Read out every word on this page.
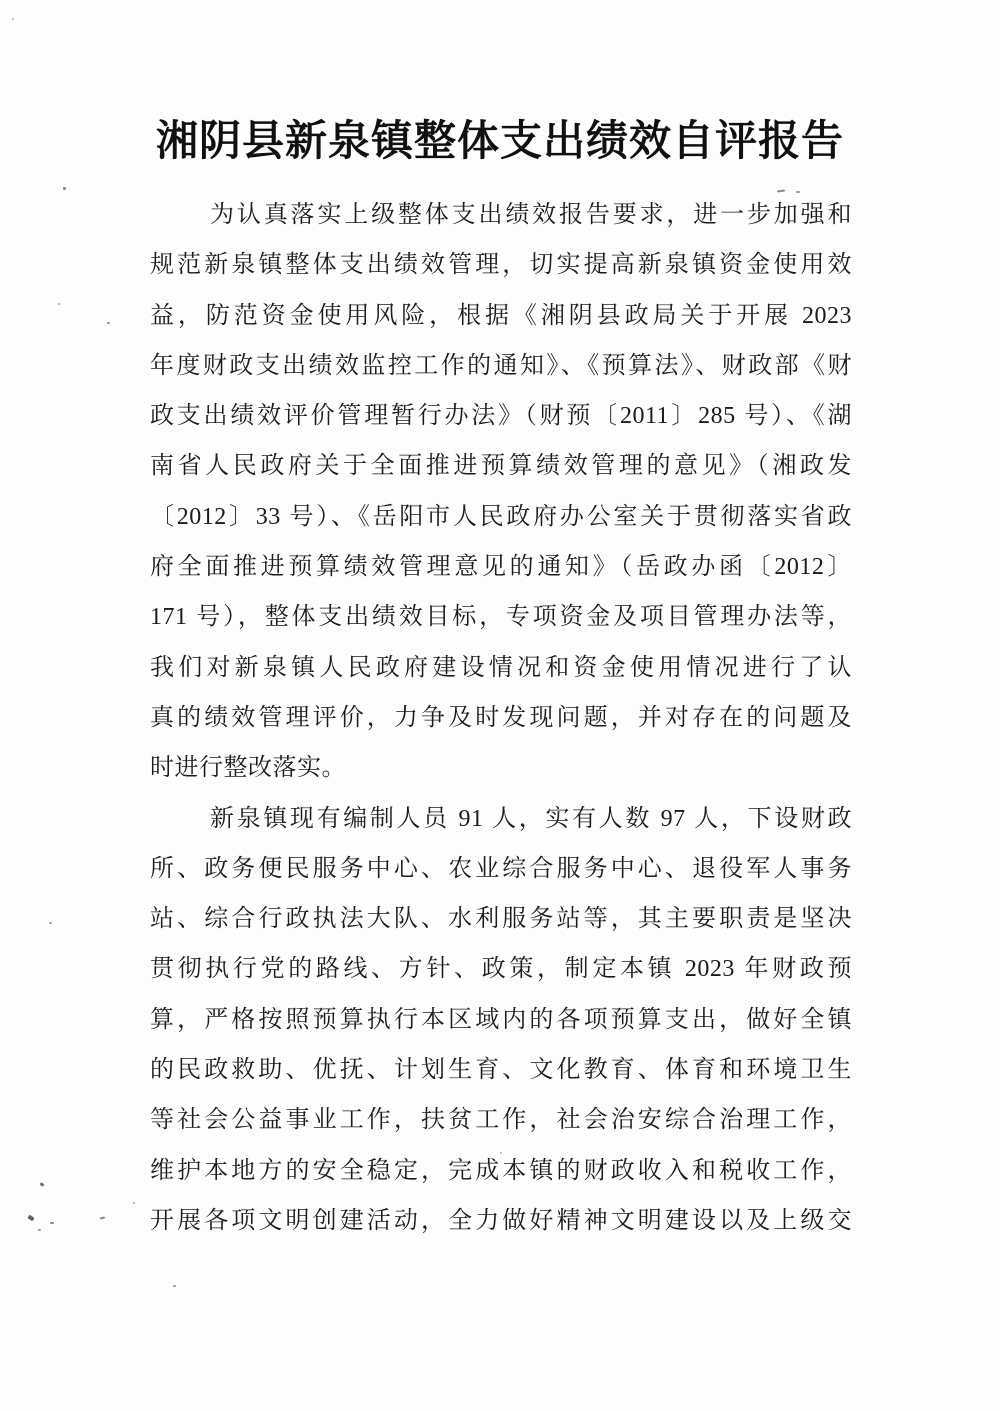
湘阴县新泉镇整体支出绩效自评报告
为认真落实上级整体支出绩效报告要求，进一步加强和
规范新泉镇整体支出绩效管理，切实提高新泉镇资金使用效
益，防范资金使用风险，根据《湘阴县政局关于开展 2023
年度财政支出绩效监控工作的通知》、《预算法》、财政部《财
政支出绩效评价管理暂行办法》（财预〔2011〕285 号）、《湖
南省人民政府关于全面推进预算绩效管理的意见》（湘政发
〔2012〕33 号）、《岳阳市人民政府办公室关于贯彻落实省政
府全面推进预算绩效管理意见的通知》（岳政办函〔2012〕
171 号），整体支出绩效目标，专项资金及项目管理办法等，
我们对新泉镇人民政府建设情况和资金使用情况进行了认
真的绩效管理评价，力争及时发现问题，并对存在的问题及
时进行整改落实。
新泉镇现有编制人员 91 人，实有人数 97 人，下设财政
所、政务便民服务中心、农业综合服务中心、退役军人事务
站、综合行政执法大队、水利服务站等，其主要职责是坚决
贯彻执行党的路线、方针、政策，制定本镇 2023 年财政预
算，严格按照预算执行本区域内的各项预算支出，做好全镇
的民政救助、优抚、计划生育、文化教育、体育和环境卫生
等社会公益事业工作，扶贫工作，社会治安综合治理工作，
维护本地方的安全稳定，完成本镇的财政收入和税收工作，
开展各项文明创建活动，全力做好精神文明建设以及上级交
